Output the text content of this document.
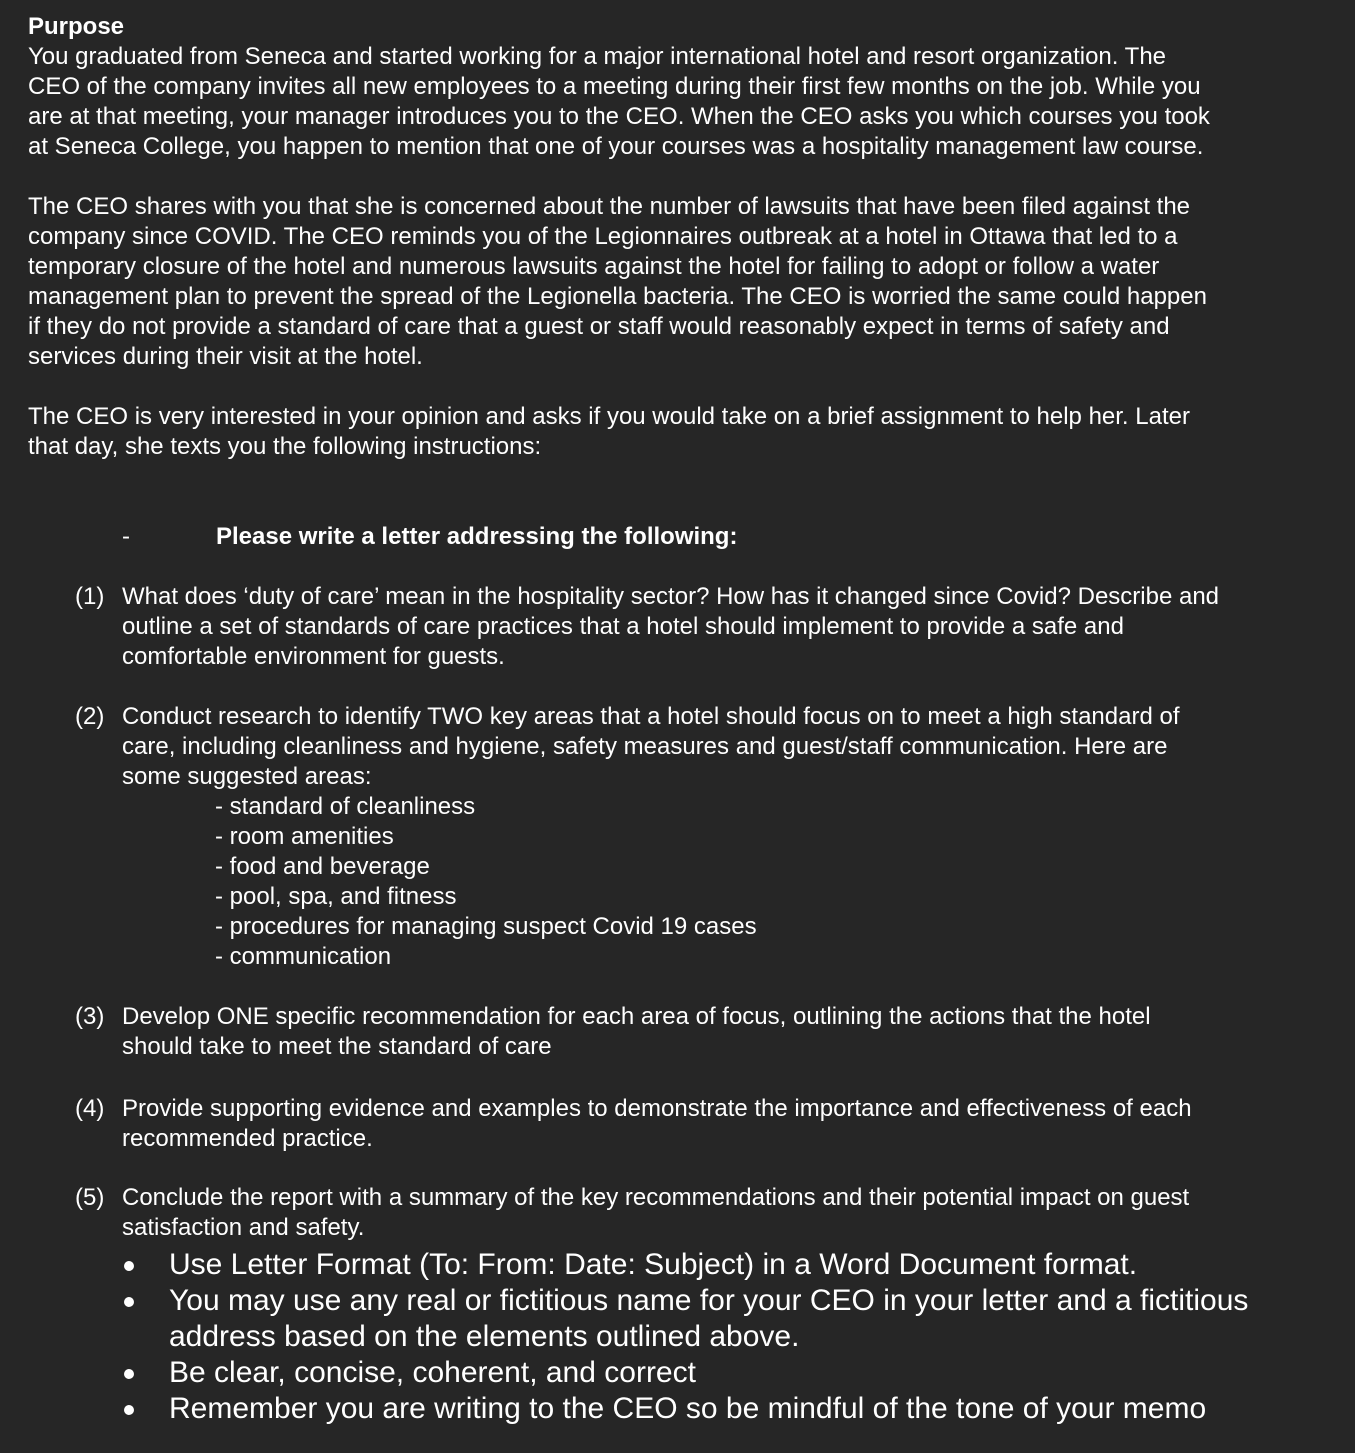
Purpose
You graduated from Seneca and started working for a major international hotel and resort organization. The
CEO of the company invites all new employees to a meeting during their first few months on the job. While you
are at that meeting, your manager introduces you to the CEO. When the CEO asks you which courses you took
at Seneca College, you happen to mention that one of your courses was a hospitality management law course.
The CEO shares with you that she is concerned about the number of lawsuits that have been filed against the
company since COVID. The CEO reminds you of the Legionnaires outbreak at a hotel in Ottawa that led to a
temporary closure of the hotel and numerous lawsuits against the hotel for failing to adopt or follow a water
management plan to prevent the spread of the Legionella bacteria. The CEO is worried the same could happen
if they do not provide a standard of care that a guest or staff would reasonably expect in terms of safety and
services during their visit at the hotel.
The CEO is very interested in your opinion and asks if you would take on a brief assignment to help her. Later
that day, she texts you the following instructions:
-	Please write a letter addressing the following:
(1) What does ‘duty of care’ mean in the hospitality sector? How has it changed since Covid? Describe and
outline a set of standards of care practices that a hotel should implement to provide a safe and
comfortable environment for guests.
(2) Conduct research to identify TWO key areas that a hotel should focus on to meet a high standard of
care, including cleanliness and hygiene, safety measures and guest/staff communication. Here are
some suggested areas:
- standard of cleanliness
- room amenities
- food and beverage
- pool, spa, and fitness
- procedures for managing suspect Covid 19 cases
- communication
(3) Develop ONE specific recommendation for each area of focus, outlining the actions that the hotel
should take to meet the standard of care
(4) Provide supporting evidence and examples to demonstrate the importance and effectiveness of each
recommended practice.
(5) Conclude the report with a summary of the key recommendations and their potential impact on guest
satisfaction and safety.
Use Letter Format (To: From: Date: Subject) in a Word Document format.
You may use any real or fictitious name for your CEO in your letter and a fictitious
address based on the elements outlined above.
Be clear, concise, coherent, and correct
Remember you are writing to the CEO so be mindful of the tone of your memo
